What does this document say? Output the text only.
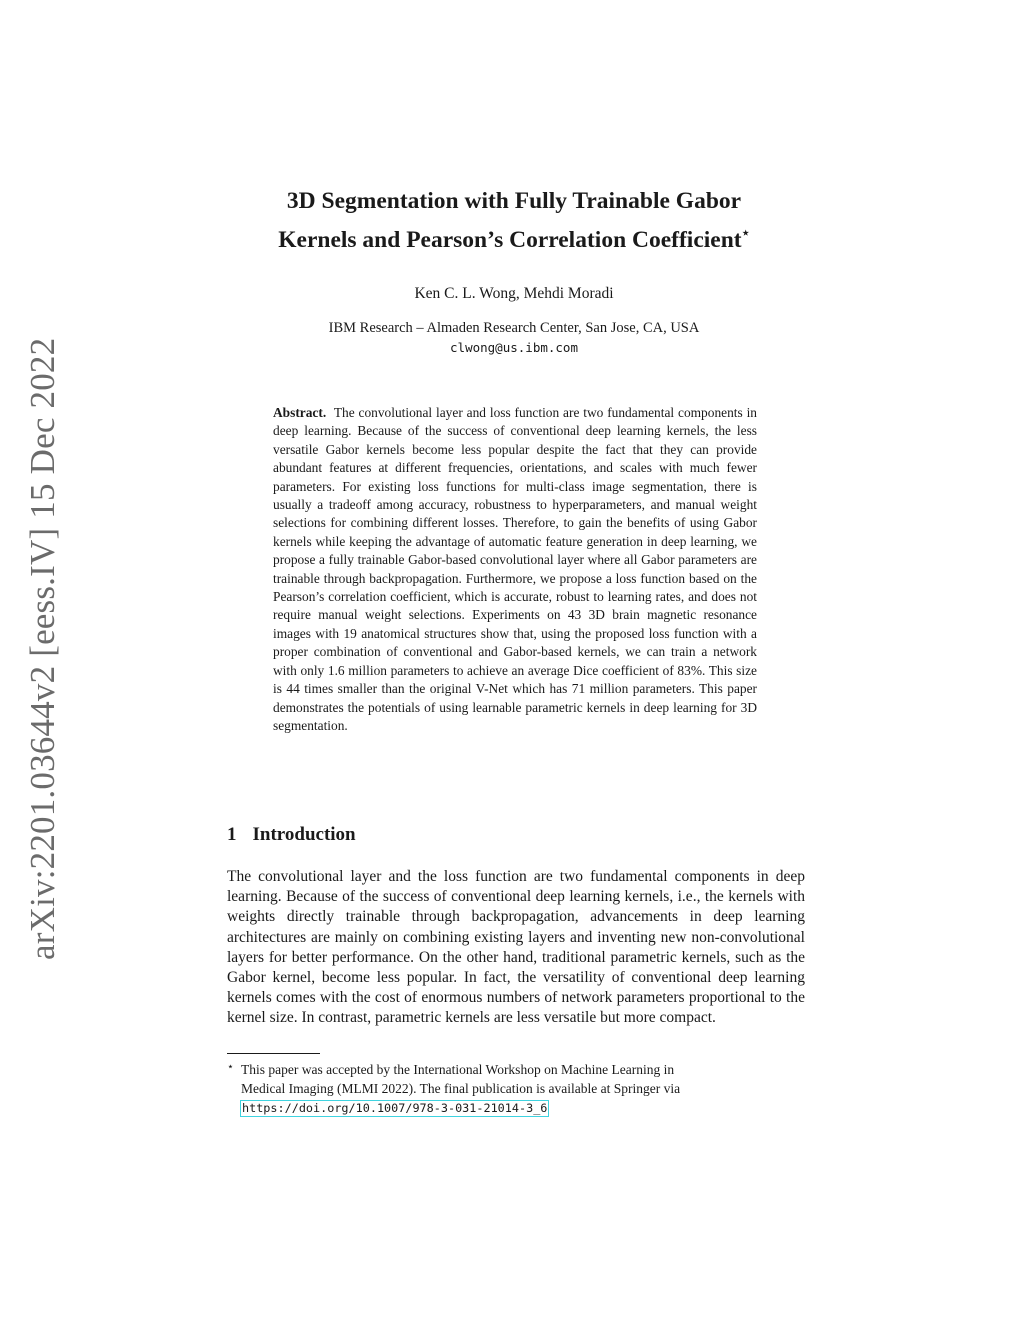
arXiv:2201.03644v2 [eess.IV] 15 Dec 2022
3D Segmentation with Fully Trainable Gabor
Kernels and Pearson’s Correlation Coefficient⋆
Ken C. L. Wong, Mehdi Moradi
IBM Research – Almaden Research Center, San Jose, CA, USA
clwong@us.ibm.com
Abstract. The convolutional layer and loss function are two fundamental components in deep learning. Because of the success of conventional deep learning kernels, the less versatile Gabor kernels become less popular despite the fact that they can provide abundant features at different frequencies, orientations, and scales with much fewer parameters. For existing loss functions for multi-class image segmentation, there is usually a tradeoff among accuracy, robustness to hyperparameters, and manual weight selections for combining different losses. Therefore, to gain the benefits of using Gabor kernels while keeping the advantage of automatic feature generation in deep learning, we propose a fully trainable Gabor-based convolutional layer where all Gabor parameters are trainable through backpropagation. Furthermore, we propose a loss function based on the Pearson’s correlation coefficient, which is accurate, robust to learning rates, and does not require manual weight selections. Experiments on 43 3D brain magnetic resonance images with 19 anatomical structures show that, using the proposed loss function with a proper combination of conventional and Gabor-based kernels, we can train a network with only 1.6 million parameters to achieve an average Dice coefficient of 83%. This size is 44 times smaller than the original V-Net which has 71 million parameters. This paper demonstrates the potentials of using learnable parametric kernels in deep learning for 3D segmentation.
1 Introduction

The convolutional layer and the loss function are two fundamental components in deep learning. Because of the success of conventional deep learning kernels, i.e., the kernels with weights directly trainable through backpropagation, advancements in deep learning architectures are mainly on combining existing layers and inventing new non-convolutional layers for better performance. On the other hand, traditional parametric kernels, such as the Gabor kernel, become less popular. In fact, the versatility of conventional deep learning kernels comes with the cost of enormous numbers of network parameters proportional to the kernel size. In contrast, parametric kernels are less versatile but more compact.

⋆ This paper was accepted by the International Workshop on Machine Learning in
Medical Imaging (MLMI 2022). The final publication is available at Springer via
https://doi.org/10.1007/978-3-031-21014-3_6
